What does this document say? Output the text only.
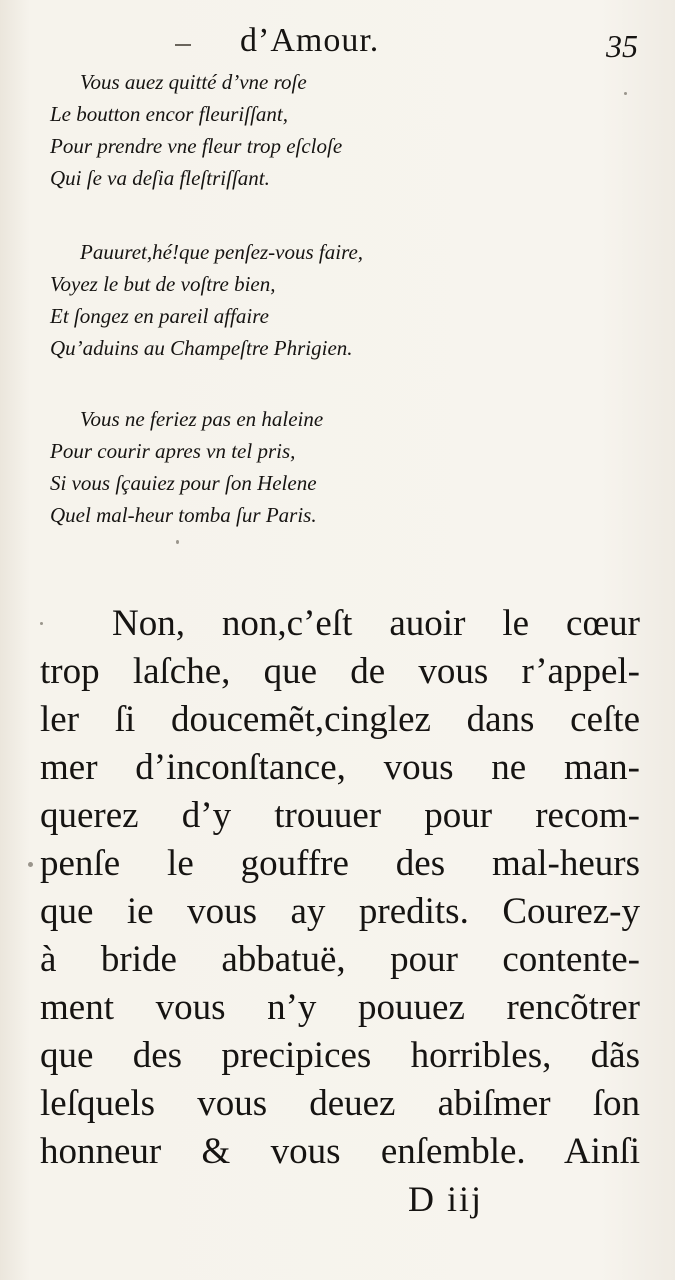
d’Amour.	35
Vous auez quitté d’vne roſe
Le boutton encor fleuriſſant,
Pour prendre vne fleur trop eſcloſe
Qui ſe va deſia fleſtriſſant.
Pauuret,hé!que penſez-vous faire,
Voyez le but de voſtre bien,
Et ſongez en pareil affaire
Qu’aduins au Champeſtre Phrigien.
Vous ne feriez pas en haleine
Pour courir apres vn tel pris,
Si vous ſçauiez pour ſon Helene
Quel mal-heur tomba ſur Paris.
Non, non,c’eſt auoir le cœur
trop laſche, que de vous r’appel-
ler ſi doucemẽt,cinglez dans ceſte
mer d’inconſtance, vous ne man-
querez d’y trouuer pour recom-
penſe le gouffre des mal-heurs
que ie vous ay predits. Courez-y
à bride abbatuë, pour contente-
ment vous n’y pouuez rencõtrer
que des precipices horribles, dãs
leſquels vous deuez abiſmer ſon
honneur & vous enſemble. Ainſi
D iij
